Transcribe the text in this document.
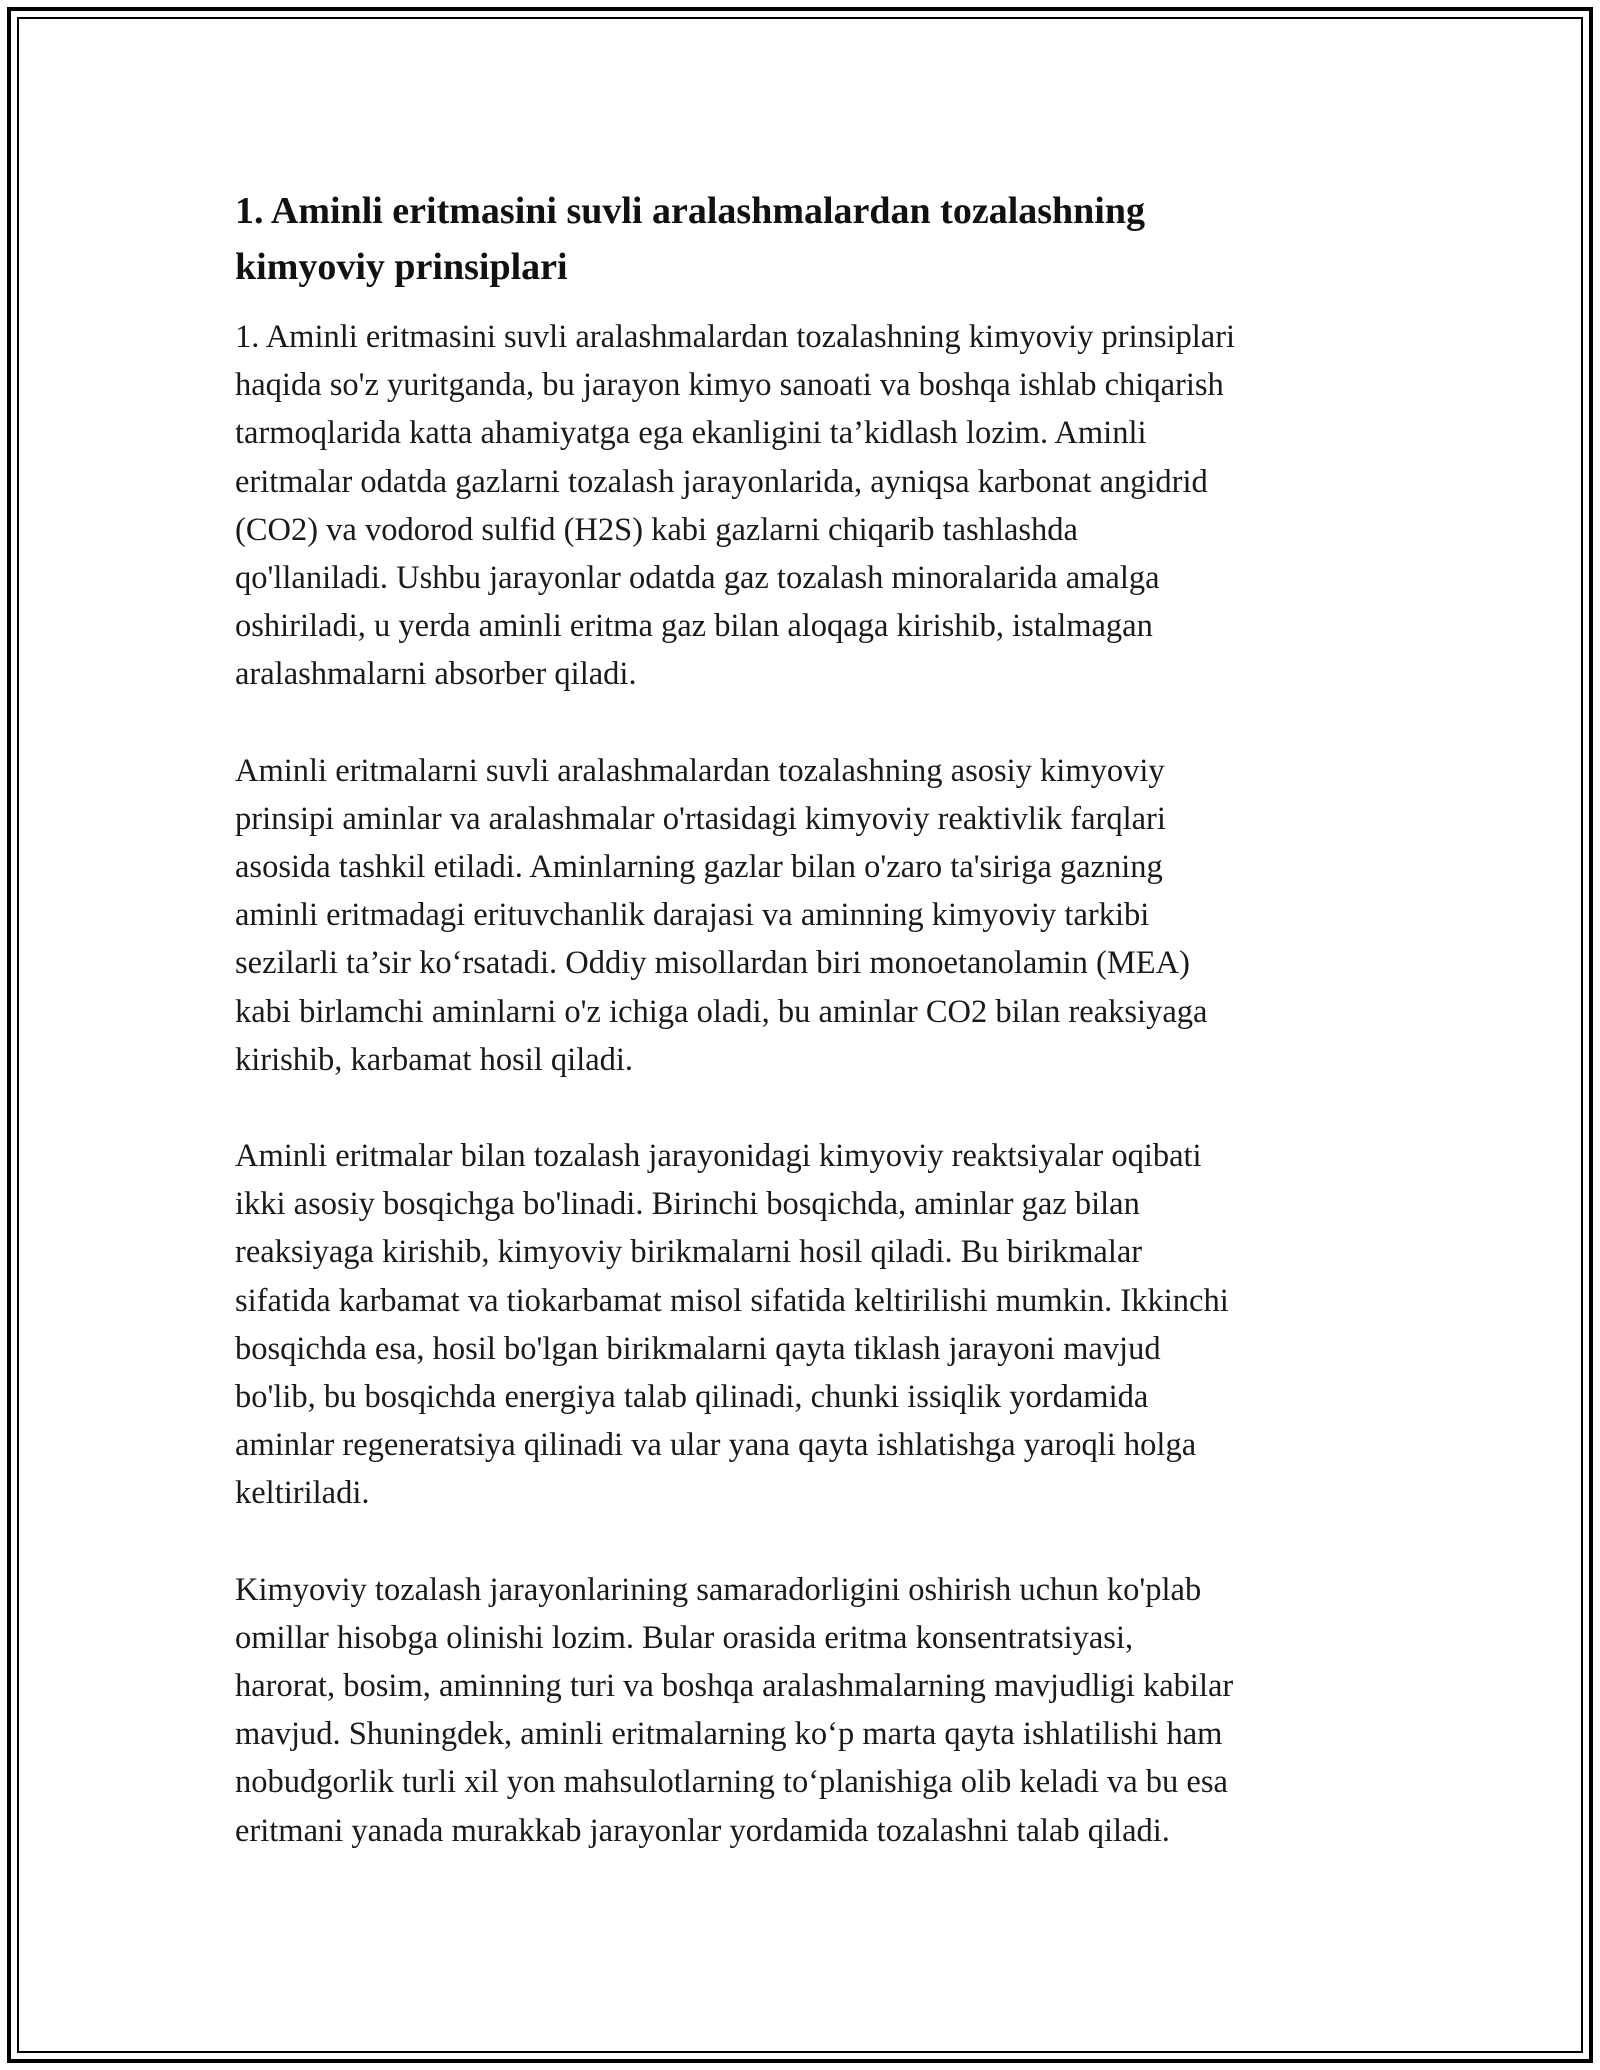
1. Aminli eritmasini suvli aralashmalardan tozalashning
kimyoviy prinsiplari

1. Aminli eritmasini suvli aralashmalardan tozalashning kimyoviy prinsiplari
haqida so'z yuritganda, bu jarayon kimyo sanoati va boshqa ishlab chiqarish
tarmoqlarida katta ahamiyatga ega ekanligini ta’kidlash lozim. Aminli
eritmalar odatda gazlarni tozalash jarayonlarida, ayniqsa karbonat angidrid
(CO2) va vodorod sulfid (H2S) kabi gazlarni chiqarib tashlashda
qo'llaniladi. Ushbu jarayonlar odatda gaz tozalash minoralarida amalga
oshiriladi, u yerda aminli eritma gaz bilan aloqaga kirishib, istalmagan
aralashmalarni absorber qiladi.

Aminli eritmalarni suvli aralashmalardan tozalashning asosiy kimyoviy
prinsipi aminlar va aralashmalar o'rtasidagi kimyoviy reaktivlik farqlari
asosida tashkil etiladi. Aminlarning gazlar bilan o'zaro ta'siriga gazning
aminli eritmadagi erituvchanlik darajasi va aminning kimyoviy tarkibi
sezilarli ta’sir ko‘rsatadi. Oddiy misollardan biri monoetanolamin (MEA)
kabi birlamchi aminlarni o'z ichiga oladi, bu aminlar CO2 bilan reaksiyaga
kirishib, karbamat hosil qiladi.

Aminli eritmalar bilan tozalash jarayonidagi kimyoviy reaktsiyalar oqibati
ikki asosiy bosqichga bo'linadi. Birinchi bosqichda, aminlar gaz bilan
reaksiyaga kirishib, kimyoviy birikmalarni hosil qiladi. Bu birikmalar
sifatida karbamat va tiokarbamat misol sifatida keltirilishi mumkin. Ikkinchi
bosqichda esa, hosil bo'lgan birikmalarni qayta tiklash jarayoni mavjud
bo'lib, bu bosqichda energiya talab qilinadi, chunki issiqlik yordamida
aminlar regeneratsiya qilinadi va ular yana qayta ishlatishga yaroqli holga
keltiriladi.

Kimyoviy tozalash jarayonlarining samaradorligini oshirish uchun ko'plab
omillar hisobga olinishi lozim. Bular orasida eritma konsentratsiyasi,
harorat, bosim, aminning turi va boshqa aralashmalarning mavjudligi kabilar
mavjud. Shuningdek, aminli eritmalarning ko‘p marta qayta ishlatilishi ham
nobudgorlik turli xil yon mahsulotlarning to‘planishiga olib keladi va bu esa
eritmani yanada murakkab jarayonlar yordamida tozalashni talab qiladi.
